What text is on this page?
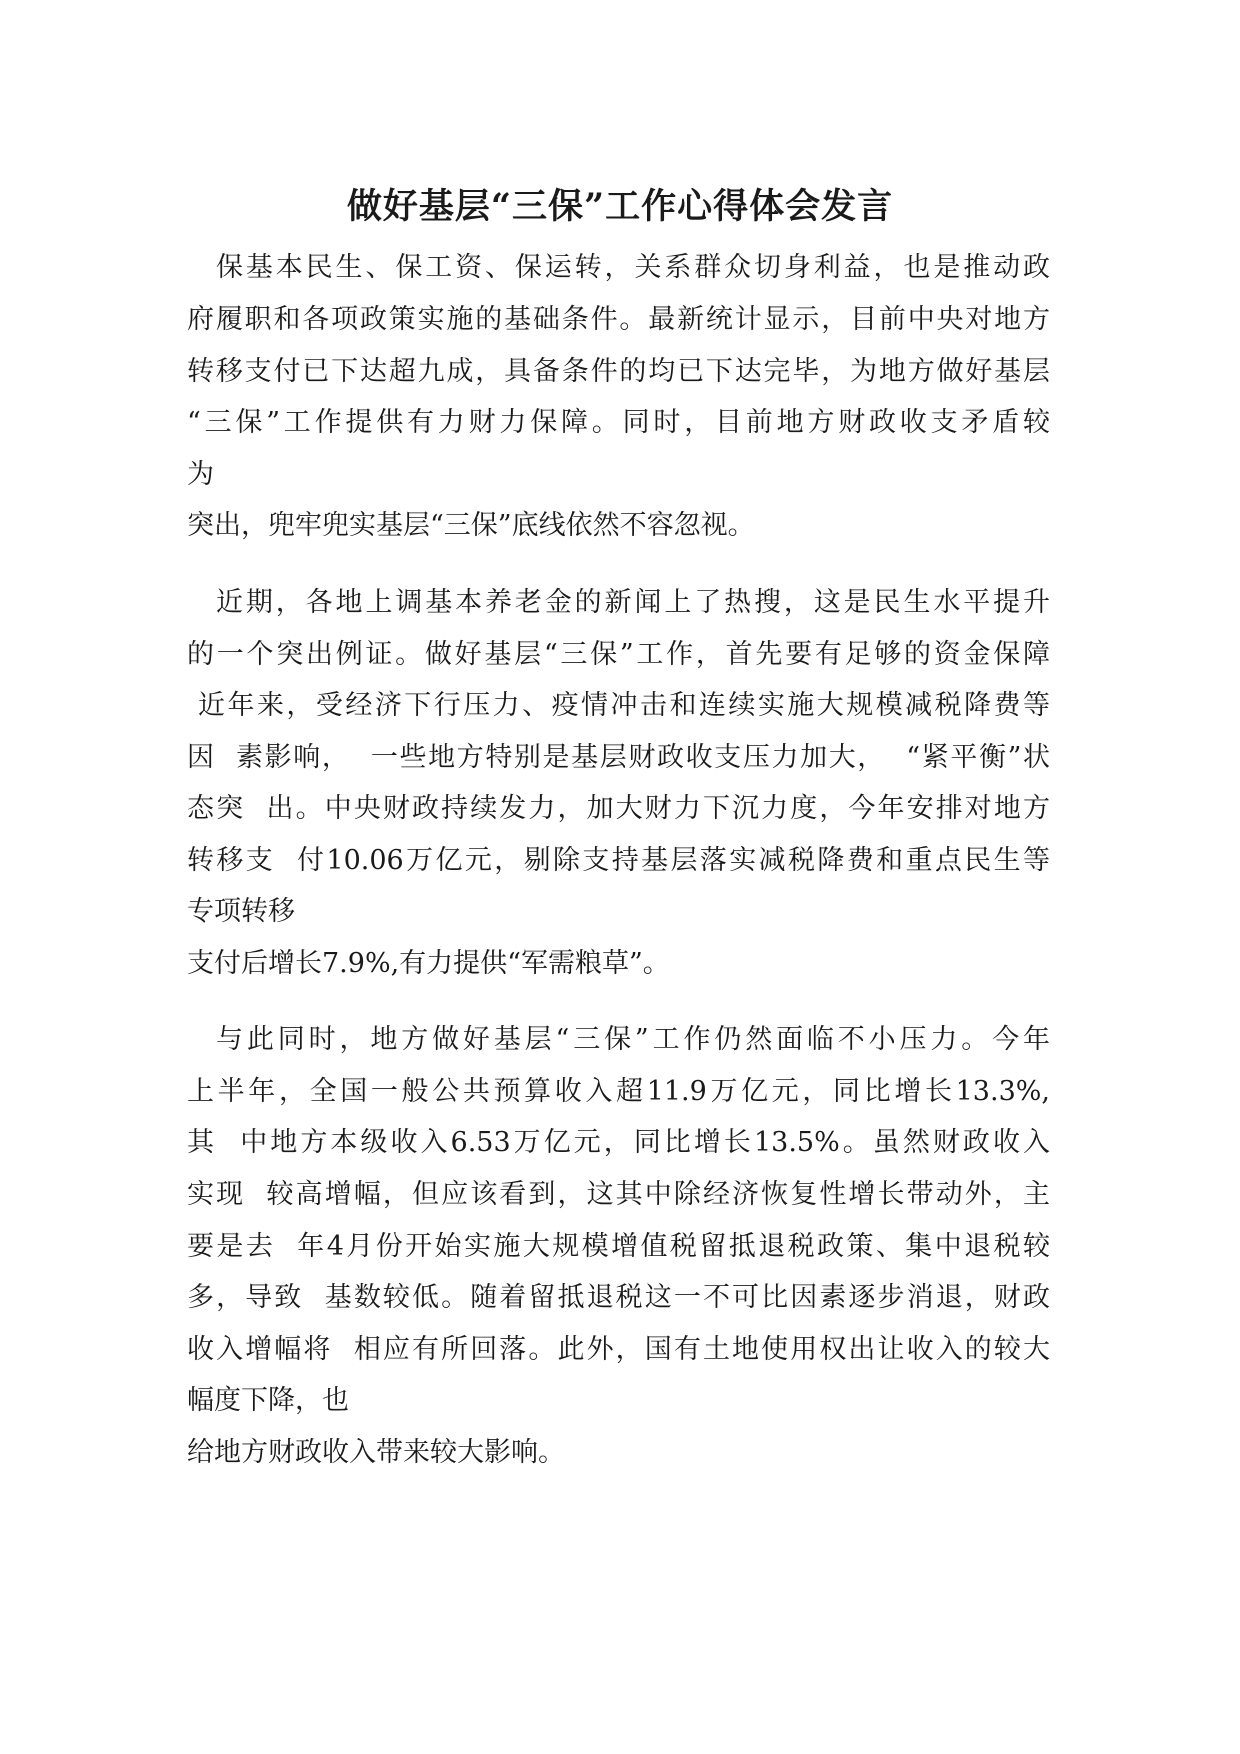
做好基层“三保”工作心得体会发言

保基本民生、保工资、保运转，关系群众切身利益，也是推动政

府履职和各项政策实施的基础条件。最新统计显示，目前中央对地方

转移支付已下达超九成，具备条件的均已下达完毕，为地方做好基层

“三保”工作提供有力财力保障。同时，目前地方财政收支矛盾较

为

突出，兜牢兜实基层“三保”底线依然不容忽视。

近期，各地上调基本养老金的新闻上了热搜，这是民生水平提升

的一个突出例证。做好基层“三保”工作，首先要有足够的资金保障

近年来，受经济下行压力、疫情冲击和连续实施大规模减税降费等

因  素影响，  一些地方特别是基层财政收支压力加大，  “紧平衡”状

态突  出。中央财政持续发力，加大财力下沉力度，今年安排对地方

转移支  付10.06万亿元，剔除支持基层落实减税降费和重点民生等

专项转移

支付后增长7.9%,有力提供“军需粮草”。

与此同时，地方做好基层“三保”工作仍然面临不小压力。今年

上半年，全国一般公共预算收入超11.9万亿元，同比增长13.3%,

其  中地方本级收入6.53万亿元，同比增长13.5%。虽然财政收入

实现  较高增幅，但应该看到，这其中除经济恢复性增长带动外，主

要是去  年4月份开始实施大规模增值税留抵退税政策、集中退税较

多，导致  基数较低。随着留抵退税这一不可比因素逐步消退，财政

收入增幅将  相应有所回落。此外，国有土地使用权出让收入的较大

幅度下降，也

给地方财政收入带来较大影响。
